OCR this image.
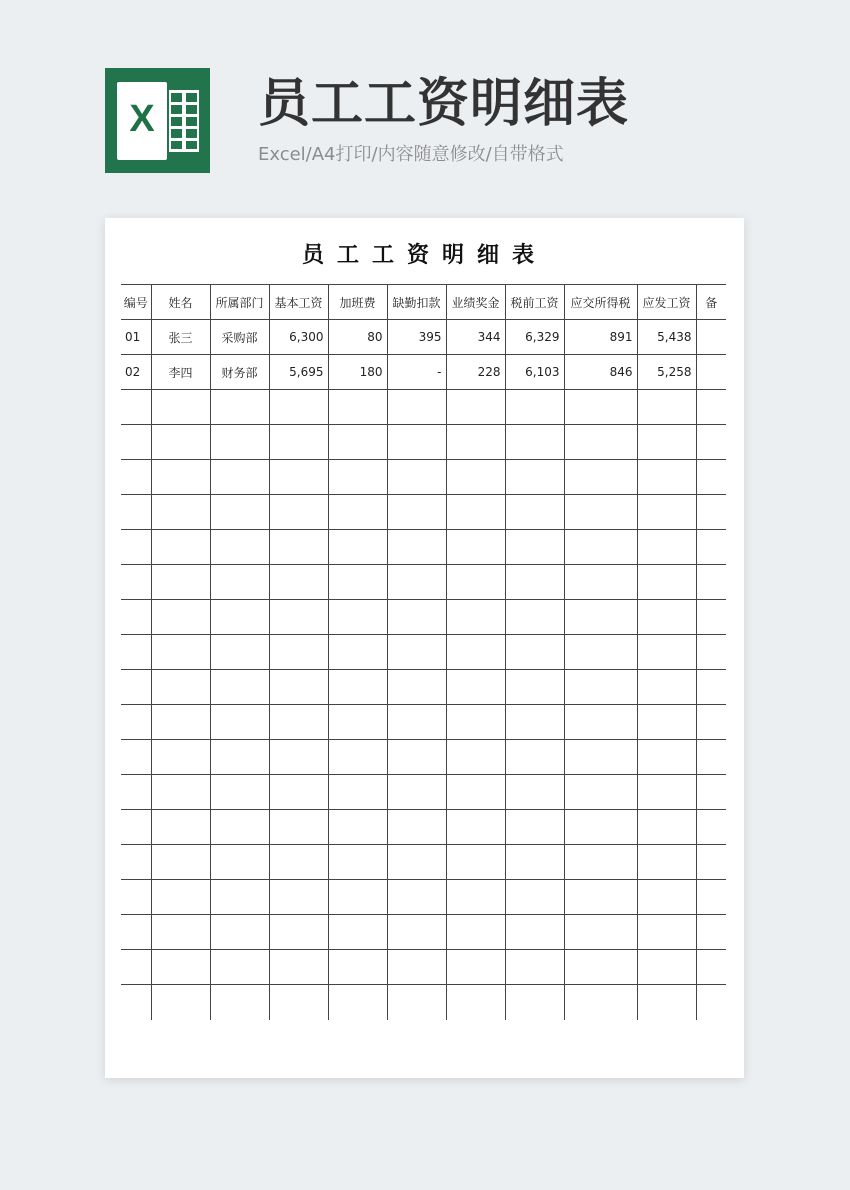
X 员工工资明细表
Excel/A4打印/内容随意修改/自带格式
员工工资明细表
编号	姓名	所属部门	基本工资	加班费	缺勤扣款	业绩奖金	税前工资	应交所得税	应发工资	备
01	张三	采购部	6,300	80	395	344	6,329	891	5,438	
02	李四	财务部	5,695	180	-	228	6,103	846	5,258	
